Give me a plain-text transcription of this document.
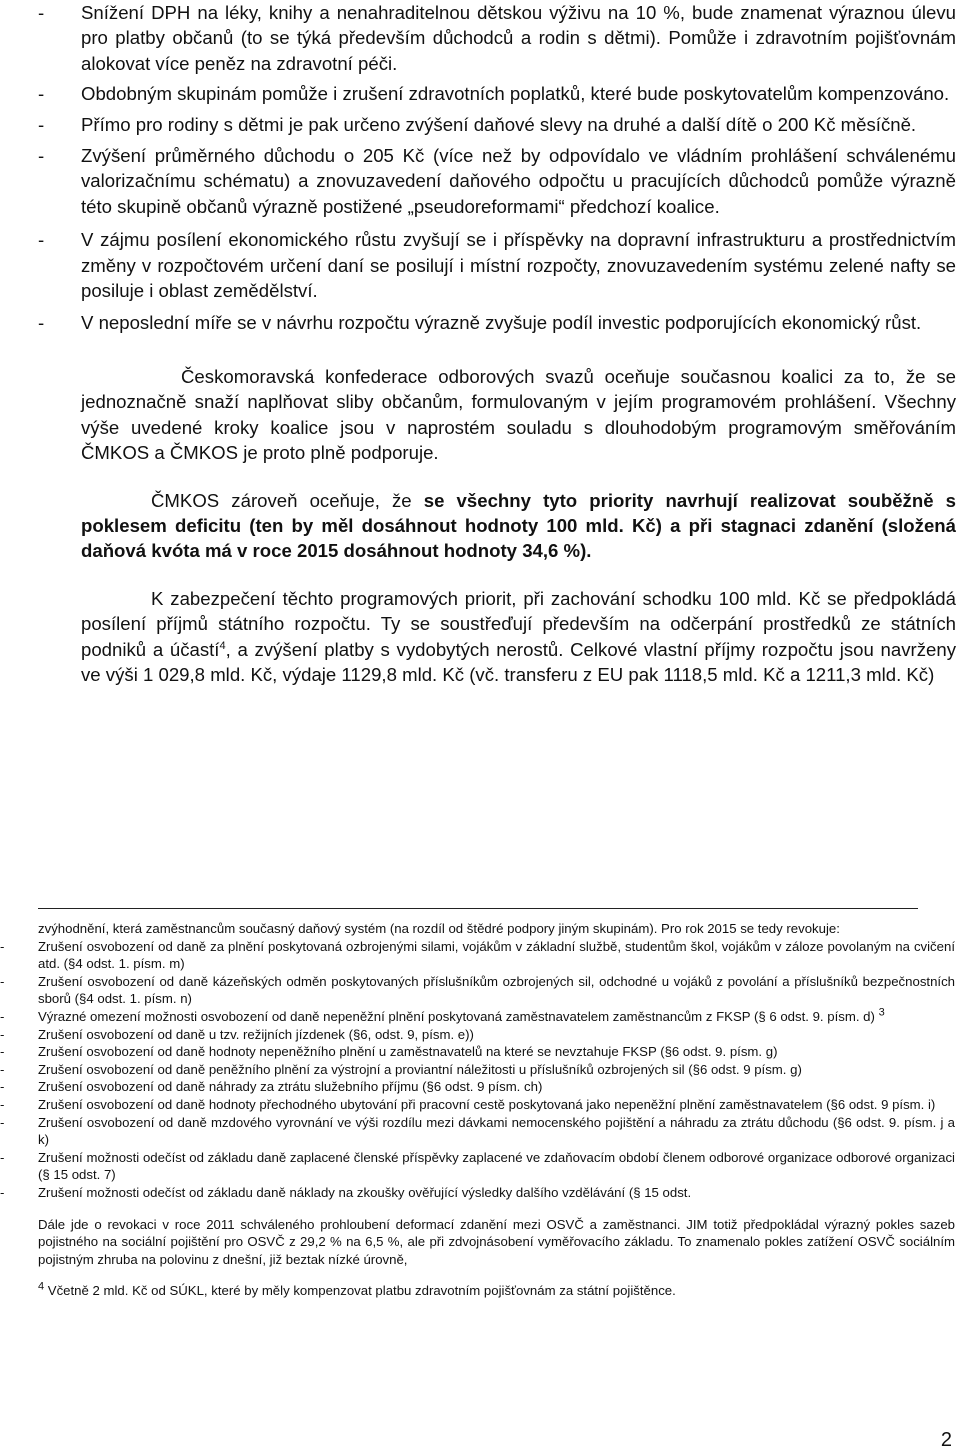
- Snížení DPH na léky, knihy a nenahraditelnou dětskou výživu na 10 %, bude znamenat výraznou úlevu pro platby občanů (to se týká především důchodců a rodin s dětmi). Pomůže i zdravotním pojišťovnám alokovat více peněz na zdravotní péči.
- Obdobným skupinám pomůže i zrušení zdravotních poplatků, které bude poskytovatelům kompenzováno.
- Přímo pro rodiny s dětmi je pak určeno zvýšení daňové slevy na druhé a další dítě o 200 Kč měsíčně.
- Zvýšení průměrného důchodu o 205 Kč (více než by odpovídalo ve vládním prohlášení schválenému valorizačnímu schématu) a znovuzavedení daňového odpočtu u pracujících důchodců pomůže výrazně této skupině občanů výrazně postižené „pseudoreformami“ předchozí koalice.
- V zájmu posílení ekonomického růstu zvyšují se i příspěvky na dopravní infrastrukturu a prostřednictvím změny v rozpočtovém určení daní se posilují i místní rozpočty, znovuzavedením systému zelené nafty se posiluje i oblast zemědělství.
- V neposlední míře se v návrhu rozpočtu výrazně zvyšuje podíl investic podporujících ekonomický růst.
Českomoravská konfederace odborových svazů oceňuje současnou koalici za to, že se jednoznačně snaží naplňovat sliby občanům, formulovaným v jejím programovém prohlášení. Všechny výše uvedené kroky koalice jsou v naprostém souladu s dlouhodobým programovým směřováním ČMKOS a ČMKOS je proto plně podporuje.
ČMKOS zároveň oceňuje, že se všechny tyto priority navrhují realizovat souběžně s poklesem deficitu (ten by měl dosáhnout hodnoty 100 mld. Kč) a při stagnaci zdanění (složená daňová kvóta má v roce 2015 dosáhnout hodnoty 34,6 %).
K zabezpečení těchto programových priorit, při zachování schodku 100 mld. Kč se předpokládá posílení příjmů státního rozpočtu. Ty se soustřeďují především na odčerpání prostředků ze státních podniků a účastí$^4$, a zvýšení platby s vydobytých nerostů. Celkové vlastní příjmy rozpočtu jsou navrženy ve výši 1 029,8 mld. Kč, výdaje 1129,8 mld. Kč (vč. transferu z EU pak 1118,5 mld. Kč a 1211,3 mld. Kč)
zvýhodnění, která zaměstnancům současný daňový systém (na rozdíl od štědré podpory jiným skupinám). Pro rok 2015 se tedy revokuje:
-	Zrušení osvobození od daně za plnění poskytovaná ozbrojenými silami, vojákům v základní službě, studentům škol, vojákům v záloze povolaným na cvičení atd. (§4 odst. 1. písm. m)
-	Zrušení osvobození od daně kázeňských odměn poskytovaných příslušníkům ozbrojených sil, odchodné u vojáků z povolání a příslušníků bezpečnostních sborů (§4 odst. 1. písm. n)
-	Výrazné omezení možnosti osvobození od daně nepeněžní plnění poskytovaná zaměstnavatelem zaměstnancům z FKSP (§ 6 odst. 9. písm. d) $^3$
-	Zrušení osvobození od daně u tzv. režijních jízdenek (§6, odst. 9, písm. e))
-	Zrušení osvobození od daně hodnoty nepeněžního plnění u zaměstnavatelů na které se nevztahuje FKSP (§6 odst. 9. písm. g)
-	Zrušení osvobození od daně peněžního plnění za výstrojní a proviantní náležitosti u příslušníků ozbrojených sil (§6 odst. 9 písm. g)
-	Zrušení osvobození od daně náhrady za ztrátu služebního příjmu (§6 odst. 9 písm. ch)
-	Zrušení osvobození od daně hodnoty přechodného ubytování při pracovní cestě poskytovaná jako nepeněžní plnění zaměstnavatelem (§6 odst. 9 písm. i)
-	Zrušení osvobození od daně mzdového vyrovnání ve výši rozdílu mezi dávkami nemocenského pojištění a náhradu za ztrátu důchodu (§6 odst. 9. písm. j a k)
-	Zrušení možnosti odečíst od základu daně zaplacené členské příspěvky zaplacené ve zdaňovacím období členem odborové organizace odborové organizaci (§ 15 odst. 7)
-	Zrušení možnosti odečíst od základu daně náklady na zkoušky ověřující výsledky dalšího vzdělávání (§ 15 odst.
Dále jde o revokaci v roce 2011 schváleného prohloubení deformací zdanění mezi OSVČ a zaměstnanci. JIM totiž předpokládal výrazný pokles sazeb pojistného na sociální pojištění pro OSVČ z 29,2 % na 6,5 %, ale při zdvojnásobení vyměřovacího základu. To znamenalo pokles zatížení OSVČ sociálním pojistným zhruba na polovinu z dnešní, již beztak nízké úrovně,
$^4$ Včetně 2 mld. Kč od SÚKL, které by měly kompenzovat platbu zdravotním pojišťovnám za státní pojištěnce.
2
